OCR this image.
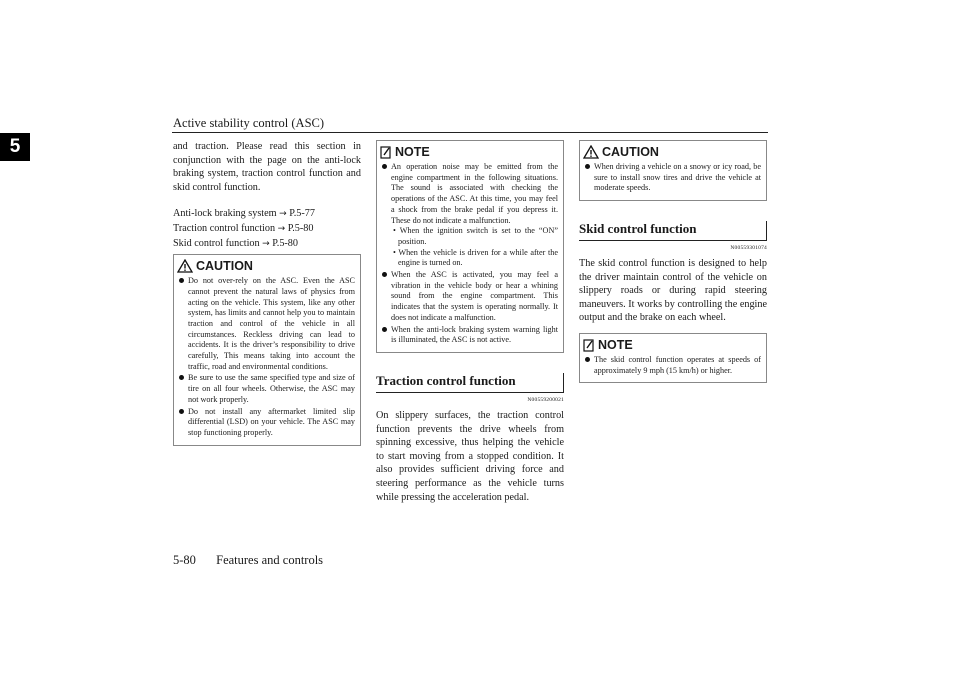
Active stability control (ASC)
5	and traction. Please read this section in conjunction with the page on the anti-lock braking system, traction control function and skid control function.

Anti-lock braking system → P.5-77

Traction control function → P.5-80

Skid control function → P.5-80

CAUTION
Do not over-rely on the ASC. Even the ASC cannot prevent the natural laws of physics from acting on the vehicle. This system, like any other system, has limits and cannot help you to maintain traction and control of the vehicle in all circumstances. Reckless driving can lead to accidents. It is the driver’s responsibility to drive carefully, This means taking into account the traffic, road and environmental conditions.
Be sure to use the same specified type and size of tire on all four wheels. Otherwise, the ASC may not work properly.
Do not install any aftermarket limited slip differential (LSD) on your vehicle. The ASC may stop functioning properly.
NOTE
An operation noise may be emitted from the engine compartment in the following situations. The sound is associated with checking the operations of the ASC. At this time, you may feel a shock from the brake pedal if you depress it. These do not indicate a malfunction.

• When the ignition switch is set to the “ON” position.

• When the vehicle is driven for a while after the engine is turned on.

When the ASC is activated, you may feel a vibration in the vehicle body or hear a whining sound from the engine compartment. This indicates that the system is operating normally. It does not indicate a malfunction.
When the anti-lock braking system warning light is illuminated, the ASC is not active.
Traction control function
N00559200021

On slippery surfaces, the traction control function prevents the drive wheels from spinning excessive, thus helping the vehicle to start moving from a stopped condition. It also provides sufficient driving force and steering performance as the vehicle turns while pressing the acceleration pedal.

CAUTION
When driving a vehicle on a snowy or icy road, be sure to install snow tires and drive the vehicle at moderate speeds.
Skid control function
N00559301074

The skid control function is designed to help the driver maintain control of the vehicle on slippery roads or during rapid steering maneuvers. It works by controlling the engine output and the brake on each wheel.

NOTE
The skid control function operates at speeds of approximately 9 mph (15 km/h) or higher.
5-80 Features and controls
